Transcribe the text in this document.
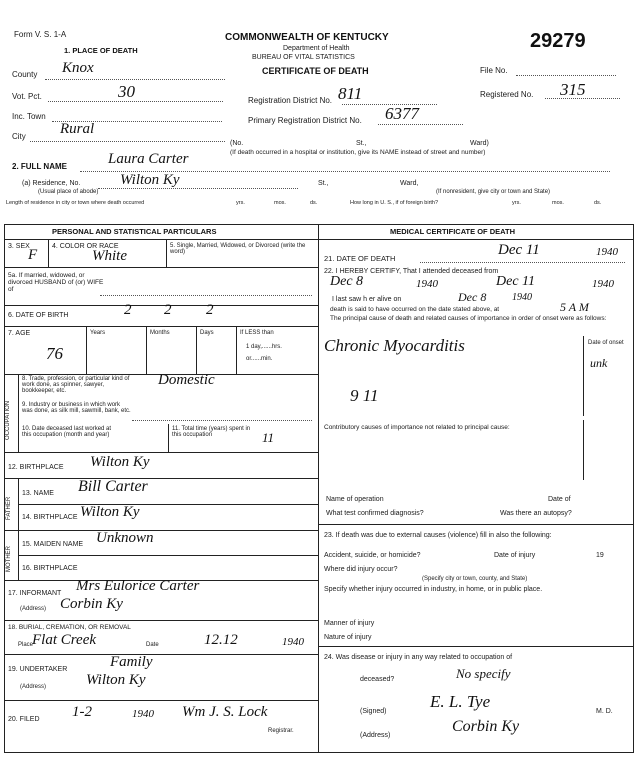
Form V. S. 1-A	COMMONWEALTH OF KENTUCKY
Department of Health
BUREAU OF VITAL STATISTICS
CERTIFICATE OF DEATH
29279
File No.
Registered No. 315
1. PLACE OF DEATH
County Knox
Vot. Pct.	30
Inc. Town
City Rural
Registration District No. 811
Primary Registration District No. 6377
(No.	St.,	Ward)
(If death occurred in a hospital or institution, give its NAME instead of street and number)
2. FULL NAME	Laura Carter
(a) Residence, No.
(Usual place of abode)
Wilton Ky	St.,	Ward,
(If nonresident, give city or town and State)
Length of residence in city or town where death occurred	yrs.	mos.	ds.	How long in U. S., if of foreign birth?	yrs.	mos.	ds.
PERSONAL AND STATISTICAL PARTICULARS
3. SEX
F
4. COLOR OR RACE
White
5. Single, Married, Widowed, or Divorced (write the word)
5a. If married, widowed, or divorced HUSBAND of (or) WIFE of
6. DATE OF BIRTH	2 2 2
7. AGE
76
Years	Months	Days	If LESS than
1 day,......hrs.
or......min.
OCCUPATION
8. Trade, profession, or particular kind of work done, as spinner, sawyer, bookkeeper, etc.
Domestic
9. Industry or business in which work was done, as silk mill, sawmill, bank, etc.
10. Date deceased last worked at this occupation (month and year)
11. Total time (years) spent in this occupation	11
12. BIRTHPLACE Wilton Ky
FATHER
13. NAME Bill Carter
14. BIRTHPLACE Wilton Ky
MOTHER
15. MAIDEN NAME Unknown
16. BIRTHPLACE
17. INFORMANT Mrs Eulorice Carter
(Address) Corbin Ky
18. BURIAL, CREMATION, OR REMOVAL
Place
Flat Creek	Date	12.12	1940
19. UNDERTAKER	Family
(Address)	Wilton Ky
20. FILED 1-2	1940 Wm J. S. Lock
Registrar.
MEDICAL CERTIFICATE OF DEATH
21. DATE OF DEATH
Dec 11	1940
22. I HEREBY CERTIFY, That I attended deceased from
Dec 8	1940	Dec 11	1940
I last saw h er alive on	Dec 8	1940
death is said to have occurred on the date stated above, at	5 A M
The principal cause of death and related causes of importance in order of onset were as follows:
Date of onset
Chronic Myocarditis
unk
9 11
Contributory causes of importance not related to principal cause:
Name of operation	Date of
What test confirmed diagnosis?	Was there an autopsy?
23. If death was due to external causes (violence) fill in also the following:
Accident, suicide, or homicide?	Date of injury	19
Where did injury occur?
(Specify city or town, county, and State)
Specify whether injury occurred in industry, in home, or in public place.
Manner of injury
Nature of injury
24. Was disease or injury in any way related to occupation of
deceased?	No specify
(Signed)
E. L. Tye
M. D.
(Address)
Corbin Ky
